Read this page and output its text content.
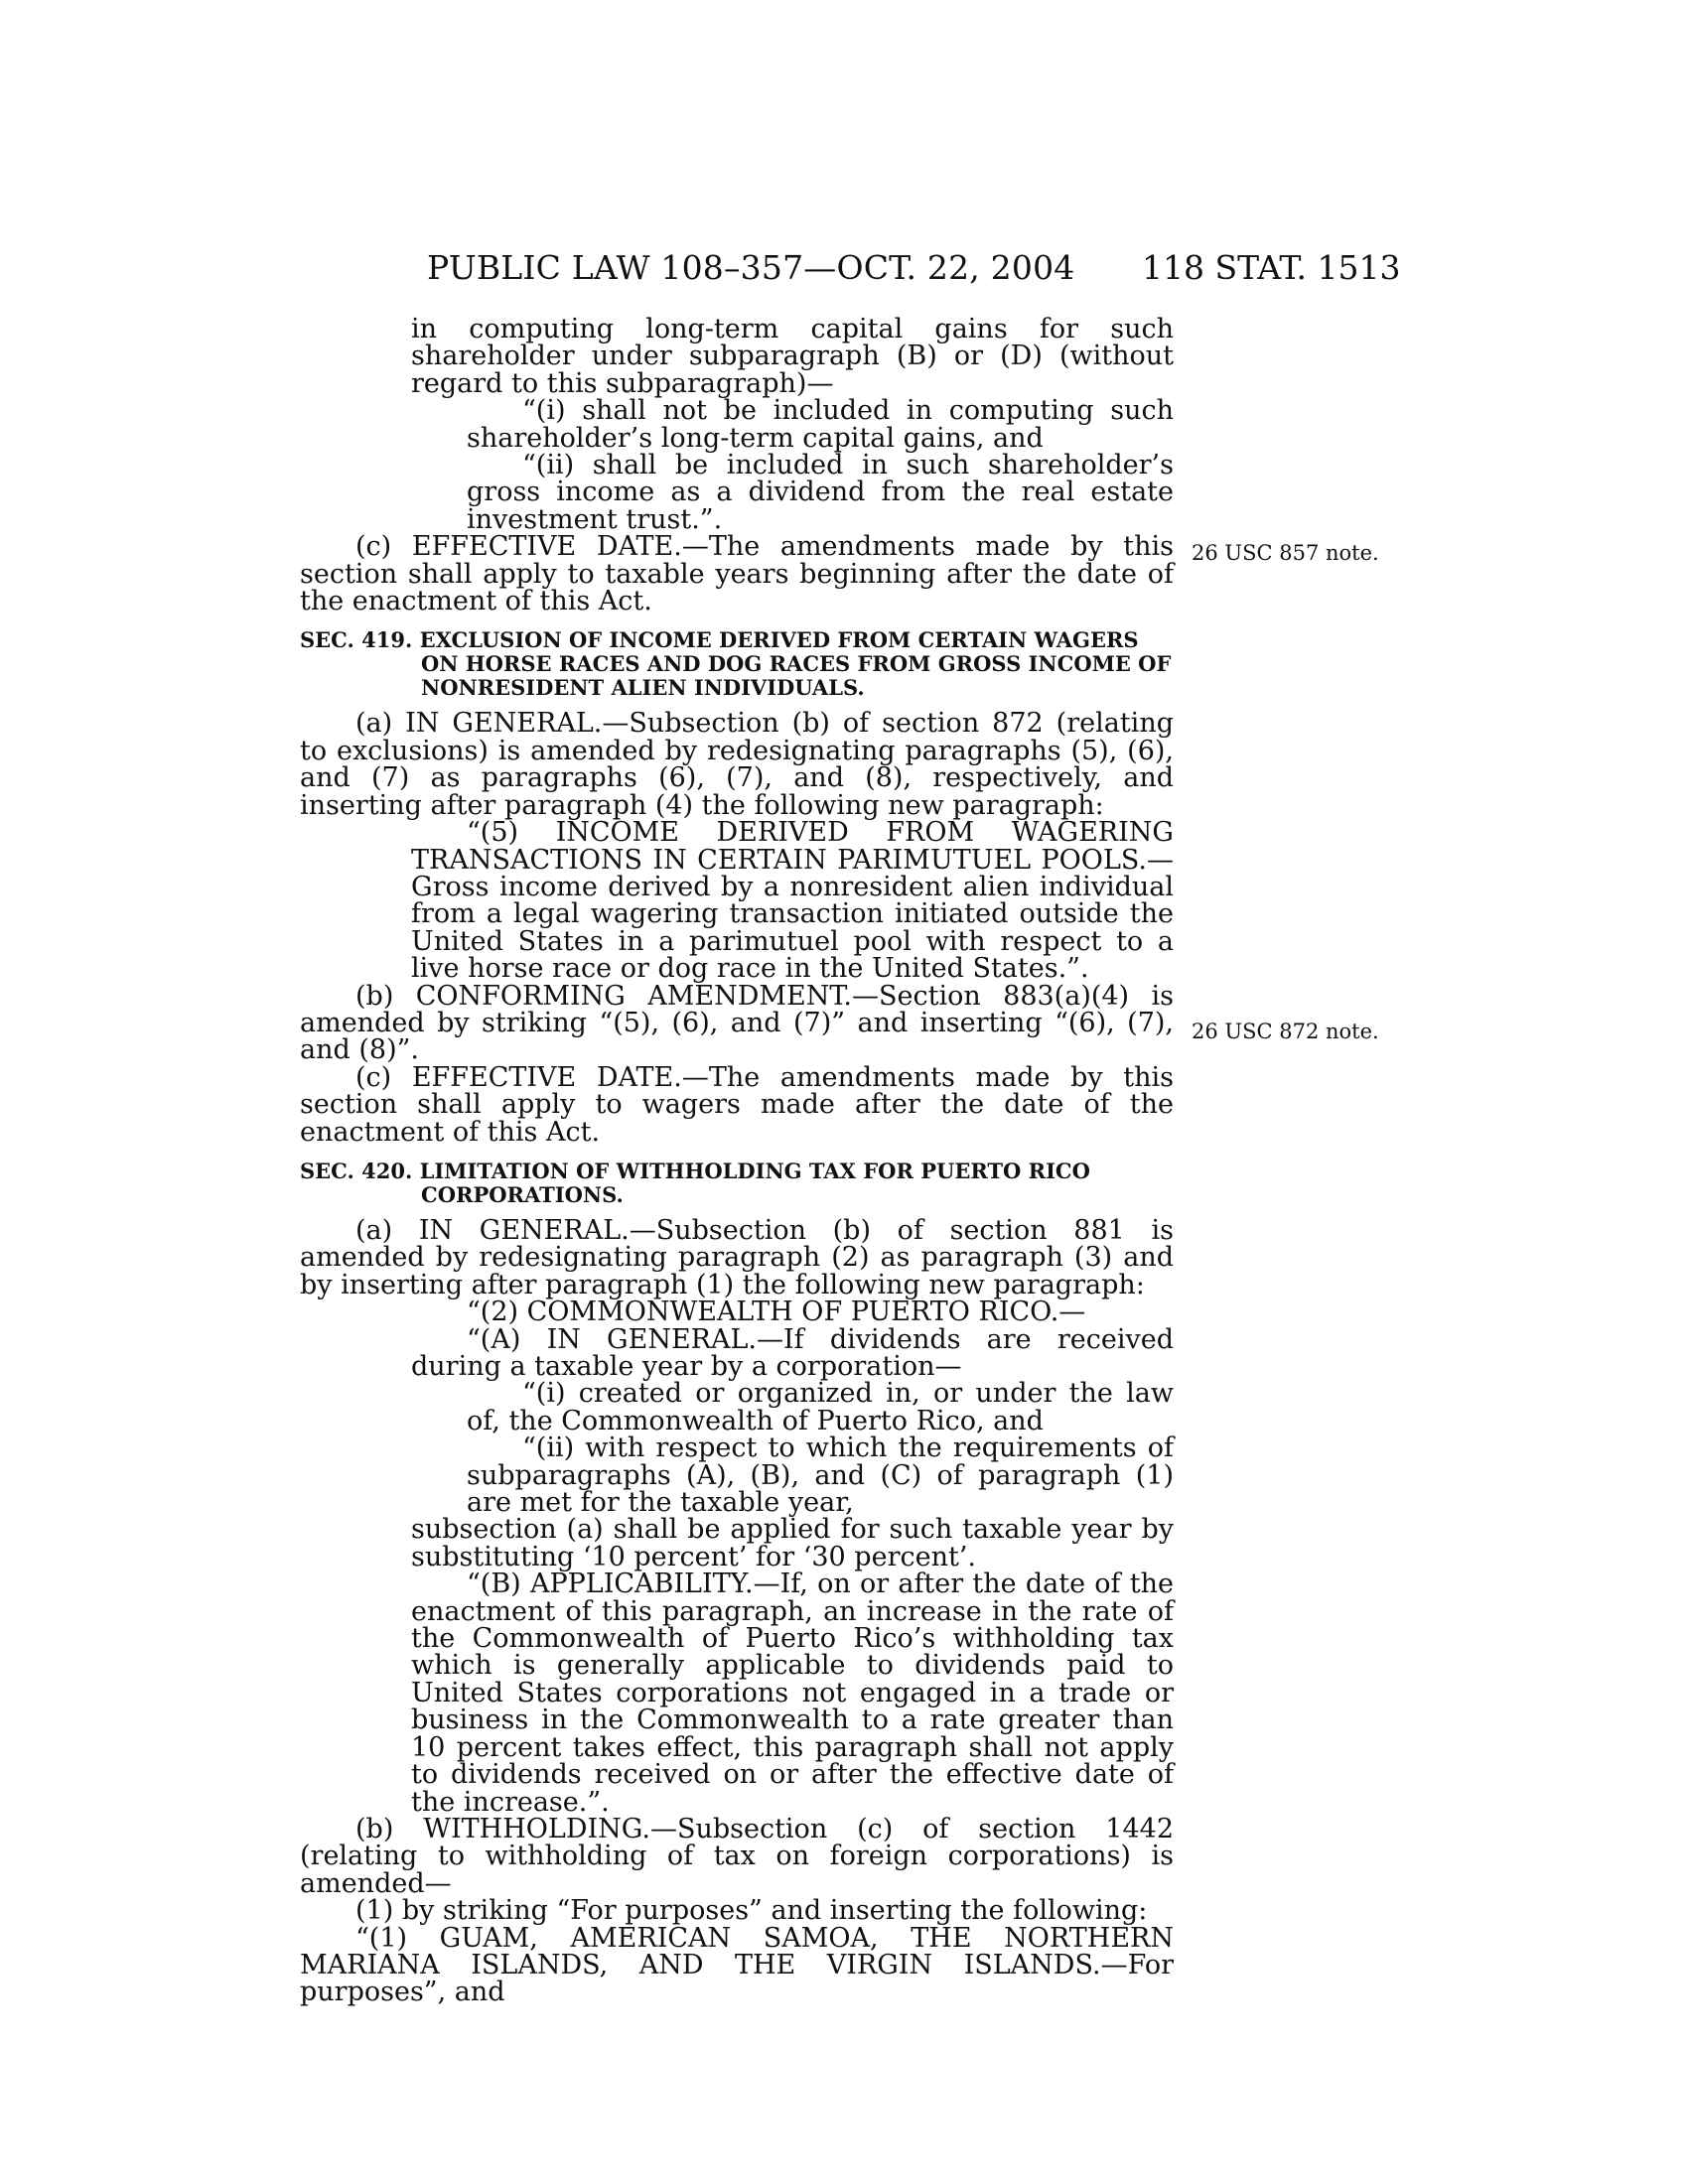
PUBLIC LAW 108–357—OCT. 22, 2004 118 STAT. 1513
26 USC 857 note.
26 USC 872 note.

in computing long-term capital gains for such shareholder under subparagraph (B) or (D) (without regard to this subparagraph)—

“(i) shall not be included in computing such shareholder’s long-term capital gains, and

“(ii) shall be included in such shareholder’s gross income as a dividend from the real estate investment trust.”.

(c) EFFECTIVE DATE.—The amendments made by this section shall apply to taxable years beginning after the date of the enactment of this Act.

SEC. 419. EXCLUSION OF INCOME DERIVED FROM CERTAIN WAGERS ON HORSE RACES AND DOG RACES FROM GROSS INCOME OF NONRESIDENT ALIEN INDIVIDUALS.

(a) IN GENERAL.—Subsection (b) of section 872 (relating to exclusions) is amended by redesignating paragraphs (5), (6), and (7) as paragraphs (6), (7), and (8), respectively, and inserting after paragraph (4) the following new paragraph:

“(5) INCOME DERIVED FROM WAGERING TRANSACTIONS IN CERTAIN PARIMUTUEL POOLS.—Gross income derived by a nonresident alien individual from a legal wagering transaction initiated outside the United States in a parimutuel pool with respect to a live horse race or dog race in the United States.”.

(b) CONFORMING AMENDMENT.—Section 883(a)(4) is amended by striking “(5), (6), and (7)” and inserting “(6), (7), and (8)”.

(c) EFFECTIVE DATE.—The amendments made by this section shall apply to wagers made after the date of the enactment of this Act.

SEC. 420. LIMITATION OF WITHHOLDING TAX FOR PUERTO RICO CORPORATIONS.

(a) IN GENERAL.—Subsection (b) of section 881 is amended by redesignating paragraph (2) as paragraph (3) and by inserting after paragraph (1) the following new paragraph:

“(2) COMMONWEALTH OF PUERTO RICO.—

“(A) IN GENERAL.—If dividends are received during a taxable year by a corporation—

“(i) created or organized in, or under the law of, the Commonwealth of Puerto Rico, and

“(ii) with respect to which the requirements of subparagraphs (A), (B), and (C) of paragraph (1) are met for the taxable year,

subsection (a) shall be applied for such taxable year by substituting ‘10 percent’ for ‘30 percent’.

“(B) APPLICABILITY.—If, on or after the date of the enactment of this paragraph, an increase in the rate of the Commonwealth of Puerto Rico’s withholding tax which is generally applicable to dividends paid to United States corporations not engaged in a trade or business in the Commonwealth to a rate greater than 10 percent takes effect, this paragraph shall not apply to dividends received on or after the effective date of the increase.”.

(b) WITHHOLDING.—Subsection (c) of section 1442 (relating to withholding of tax on foreign corporations) is amended—

(1) by striking “For purposes” and inserting the following:

“(1) GUAM, AMERICAN SAMOA, THE NORTHERN MARIANA ISLANDS, AND THE VIRGIN ISLANDS.—For purposes”, and
